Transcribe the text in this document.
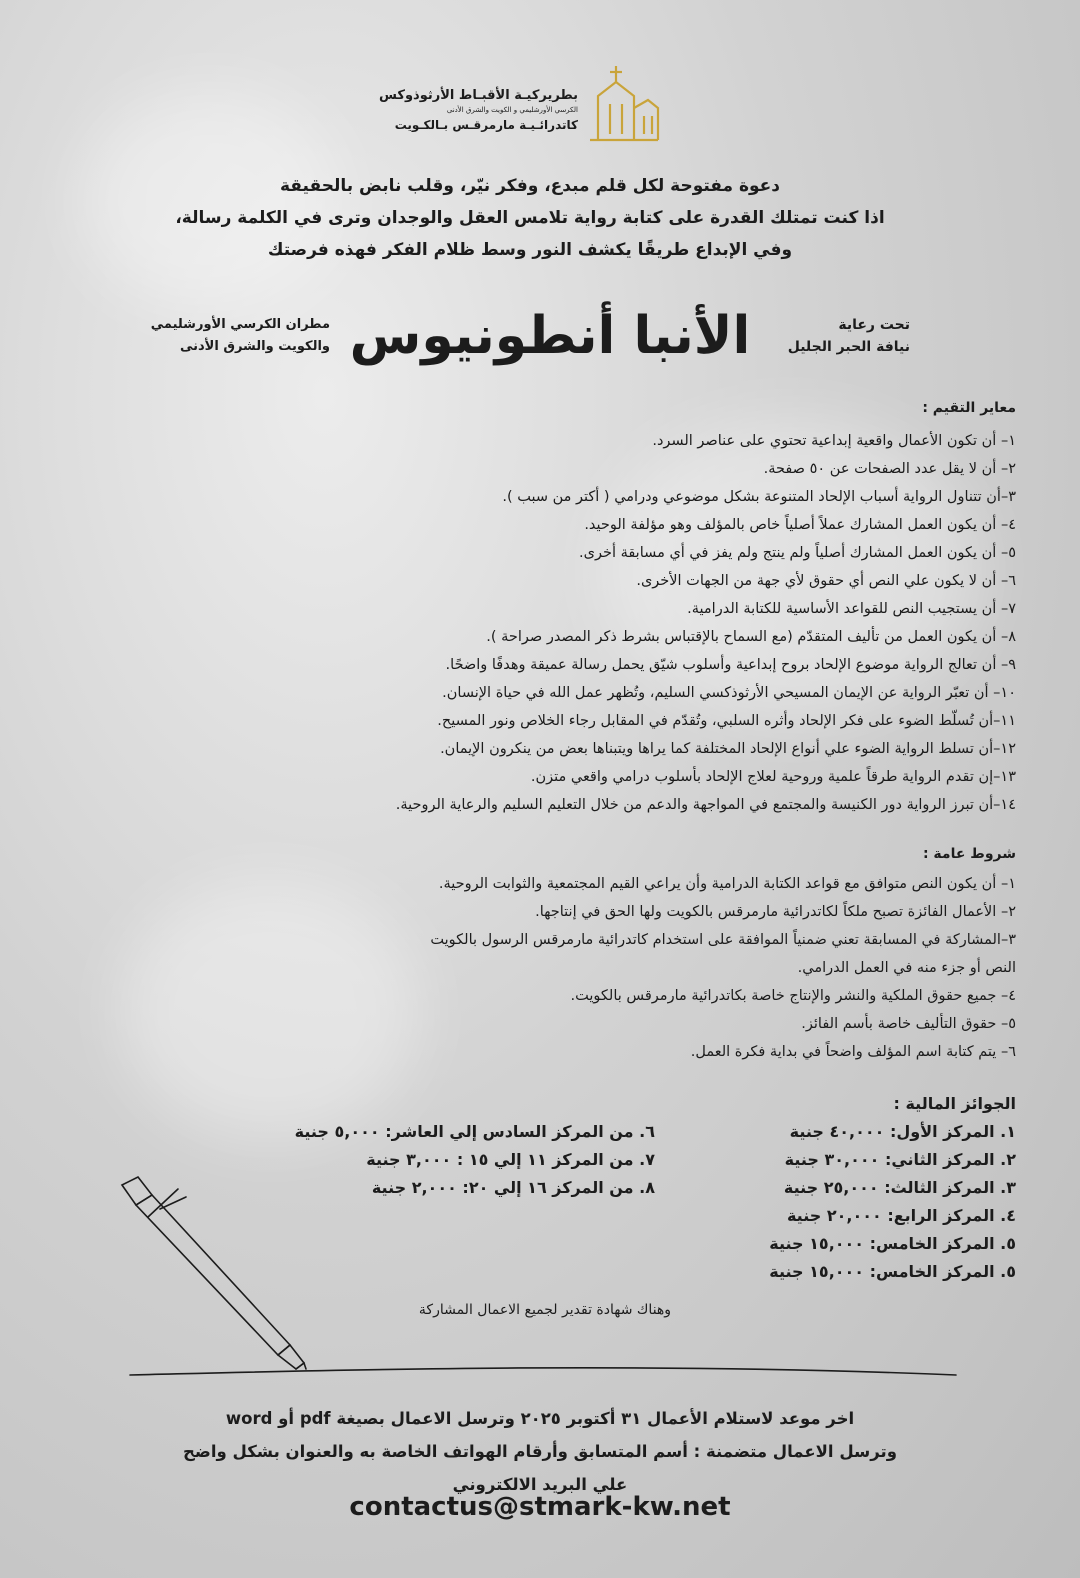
بطريركيـة الأقبـاط الأرثوذوكس
الكرسي الأورشليمي و الكويت والشرق الأدنى
كاتدرائـيـة مارمرقـس بـالكـويت
دعوة مفتوحة لكل قلم مبدع، وفكر نيّر، وقلب نابض بالحقيقة
اذا كنت تمتلك القدرة على كتابة رواية تلامس العقل والوجدان وترى في الكلمة رسالة،
وفي الإبداع طريقًا يكشف النور وسط ظلام الفكر فهذه فرصتك
تحت رعاية
نيافة الحبر الجليل
الأنبا أنطونيوس
مطران الكرسي الأورشليمي
والكويت والشرق الأدنى
معاير التقيم :
١– أن تكون الأعمال واقعية إبداعية تحتوي على عناصر السرد.
٢– أن لا يقل عدد الصفحات عن ٥٠ صفحة.
٣–أن تتناول الرواية أسباب الإلحاد المتنوعة بشكل موضوعي ودرامي ( أكتر من سبب ).
٤– أن يكون العمل المشارك عملاً أصلياً خاص بالمؤلف وهو مؤلفة الوحيد.
٥– أن يكون العمل المشارك أصلياً ولم ينتج ولم يفز في أي مسابقة أخرى.
٦– أن لا يكون علي النص أي حقوق لأي جهة من الجهات الأخرى.
٧– أن يستجيب النص للقواعد الأساسية للكتابة الدرامية.
٨– أن يكون العمل من تأليف المتقدّم (مع السماح بالإقتباس بشرط ذكر المصدر صراحة ).
٩– أن تعالج الرواية موضوع الإلحاد بروح إبداعية وأسلوب شيّق يحمل رسالة عميقة وهدفًا واضحًا.
١٠– أن تعبّر الرواية عن الإيمان المسيحي الأرثوذكسي السليم، وتُظهر عمل الله في حياة الإنسان.
١١–أن تُسلّط الضوء على فكر الإلحاد وأثره السلبي، وتُقدّم في المقابل رجاء الخلاص ونور المسيح.
١٢–أن تسلط الرواية الضوء علي أنواع الإلحاد المختلفة كما يراها ويتبناها بعض من ينكرون الإيمان.
١٣–إن تقدم الرواية طرقاً علمية وروحية لعلاج الإلحاد بأسلوب درامي واقعي متزن.
١٤–أن تبرز الرواية دور الكنيسة والمجتمع في المواجهة والدعم من خلال التعليم السليم والرعاية الروحية.
شروط عامة :
١– أن يكون النص متوافق مع قواعد الكتابة الدرامية وأن يراعي القيم المجتمعية والثوابت الروحية.
٢– الأعمال الفائزة تصبح ملكاً لكاتدرائية مارمرقس بالكويت ولها الحق في إنتاجها.
٣–المشاركة في المسابقة تعني ضمنياً الموافقة على استخدام كاتدرائية مارمرقس الرسول بالكويت
النص أو جزء منه في العمل الدرامي.
٤– جميع حقوق الملكية والنشر والإنتاج خاصة بكاتدرائية مارمرقس بالكويت.
٥– حقوق التأليف خاصة بأسم الفائز.
٦– يتم كتابة اسم المؤلف واضحاً في بداية فكرة العمل.
الجوائز المالية :
١. المركز الأول: ٤٠,٠٠٠ جنية
٢. المركز الثاني: ٣٠,٠٠٠ جنية
٣. المركز الثالث: ٢٥,٠٠٠ جنية
٤. المركز الرابع: ٢٠,٠٠٠ جنية
٥. المركز الخامس: ١٥,٠٠٠ جنية
٥. المركز الخامس: ١٥,٠٠٠ جنية
٦. من المركز السادس إلي العاشر: ٥,٠٠٠ جنية
٧. من المركز ١١ إلي ١٥ : ٣,٠٠٠ جنية
٨. من المركز ١٦ إلي ٢٠: ٢,٠٠٠ جنية
وهناك شهادة تقدير لجميع الاعمال المشاركة
اخر موعد لاستلام الأعمال ٣١ أكتوبر ٢٠٢٥ وترسل الاعمال بصيغة pdf أو word
وترسل الاعمال متضمنة : أسم المتسابق وأرقام الهواتف الخاصة به والعنوان بشكل واضح
علي البريد الالكتروني
contactus@stmark-kw.net
